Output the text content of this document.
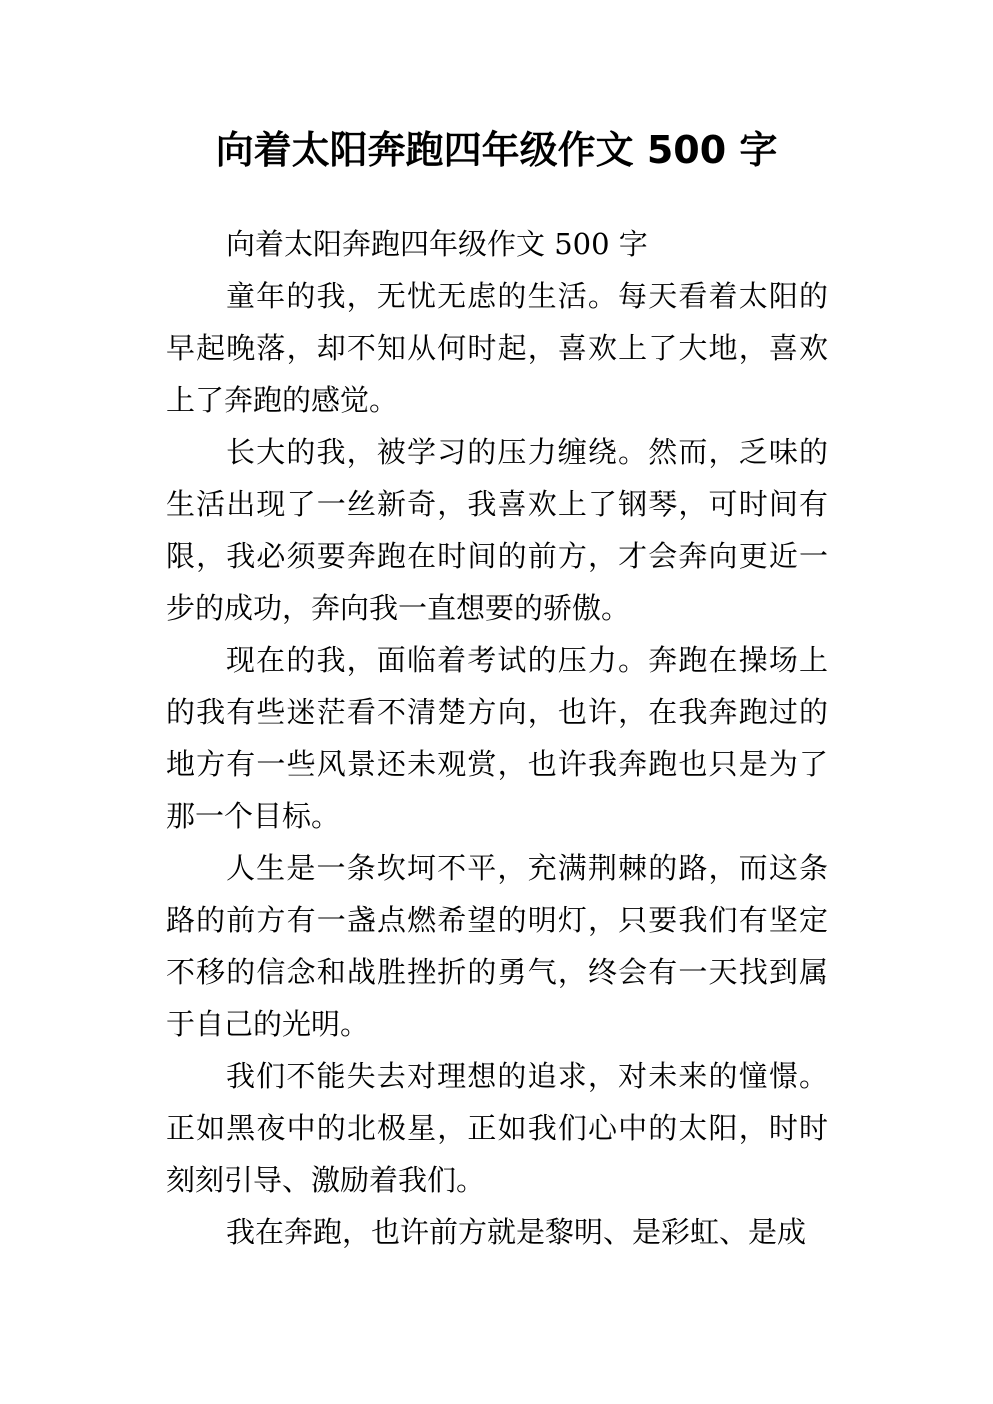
向着太阳奔跑四年级作文 500 字

向着太阳奔跑四年级作文 500 字

童年的我，无忧无虑的生活。每天看着太阳的早起晚落，却不知从何时起，喜欢上了大地，喜欢上了奔跑的感觉。

长大的我，被学习的压力缠绕。然而，乏味的生活出现了一丝新奇，我喜欢上了钢琴，可时间有限，我必须要奔跑在时间的前方，才会奔向更近一步的成功，奔向我一直想要的骄傲。

现在的我，面临着考试的压力。奔跑在操场上的我有些迷茫看不清楚方向，也许，在我奔跑过的地方有一些风景还未观赏，也许我奔跑也只是为了那一个目标。

人生是一条坎坷不平，充满荆棘的路，而这条路的前方有一盏点燃希望的明灯，只要我们有坚定不移的信念和战胜挫折的勇气，终会有一天找到属于自己的光明。

我们不能失去对理想的追求，对未来的憧憬。正如黑夜中的北极星，正如我们心中的太阳，时时刻刻引导、激励着我们。

我在奔跑，也许前方就是黎明、是彩虹、是成
